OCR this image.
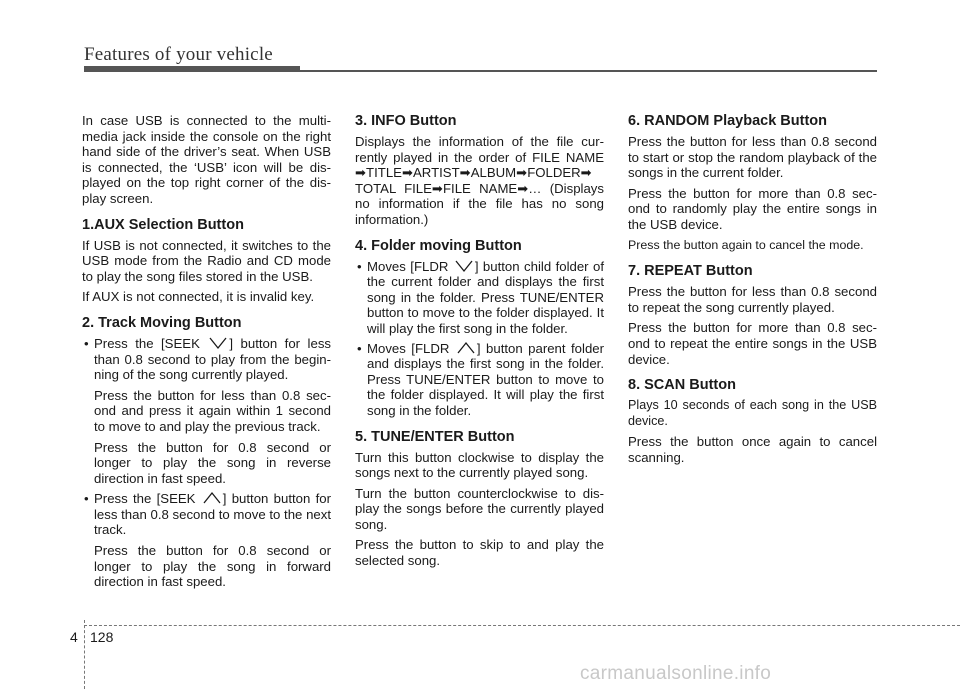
Features of your vehicle

In case USB is connected to the multi-media jack inside the console on the right hand side of the driver’s seat. When USB is connected, the ‘USB’ icon will be dis-played on the top right corner of the dis-play screen.

1.AUX Selection Button

If USB is not connected, it switches to the USB mode from the Radio and CD mode to play the song files stored in the USB.

If AUX is not connected, it is invalid key.

2. Track Moving Button
• Press the [SEEK ] button for less than 0.8 second to play from the begin-ning of the song currently played.

Press the button for less than 0.8 sec-ond and press it again within 1 second to move to and play the previous track.

Press the button for 0.8 second or longer to play the song in reverse direction in fast speed.

• Press the [SEEK ] button button for less than 0.8 second to move to the next track.

Press the button for 0.8 second or longer to play the song in forward direction in fast speed.

3. INFO Button

Displays the information of the file cur-rently played in the order of FILE NAME ➡TITLE➡ARTIST➡ALBUM➡FOLDER➡ TOTAL FILE➡FILE NAME➡… (Displays no information if the file has no song information.)

4. Folder moving Button
• Moves [FLDR ] button child folder of the current folder and displays the first song in the folder. Press TUNE/ENTER button to move to the folder displayed. It will play the first song in the folder.
• Moves [FLDR ] button parent folder and displays the first song in the folder. Press TUNE/ENTER button to move to the folder displayed. It will play the first song in the folder.
5. TUNE/ENTER Button

Turn this button clockwise to display the songs next to the currently played song.

Turn the button counterclockwise to dis-play the songs before the currently played song.

Press the button to skip to and play the selected song.

6. RANDOM Playback Button

Press the button for less than 0.8 second to start or stop the random playback of the songs in the current folder.

Press the button for more than 0.8 sec-ond to randomly play the entire songs in the USB device.

Press the button again to cancel the mode.

7. REPEAT Button

Press the button for less than 0.8 second to repeat the song currently played.

Press the button for more than 0.8 sec-ond to repeat the entire songs in the USB device.

8. SCAN Button

Plays 10 seconds of each song in the USB device.

Press the button once again to cancel scanning.

4 128
carmanualsonline.info
